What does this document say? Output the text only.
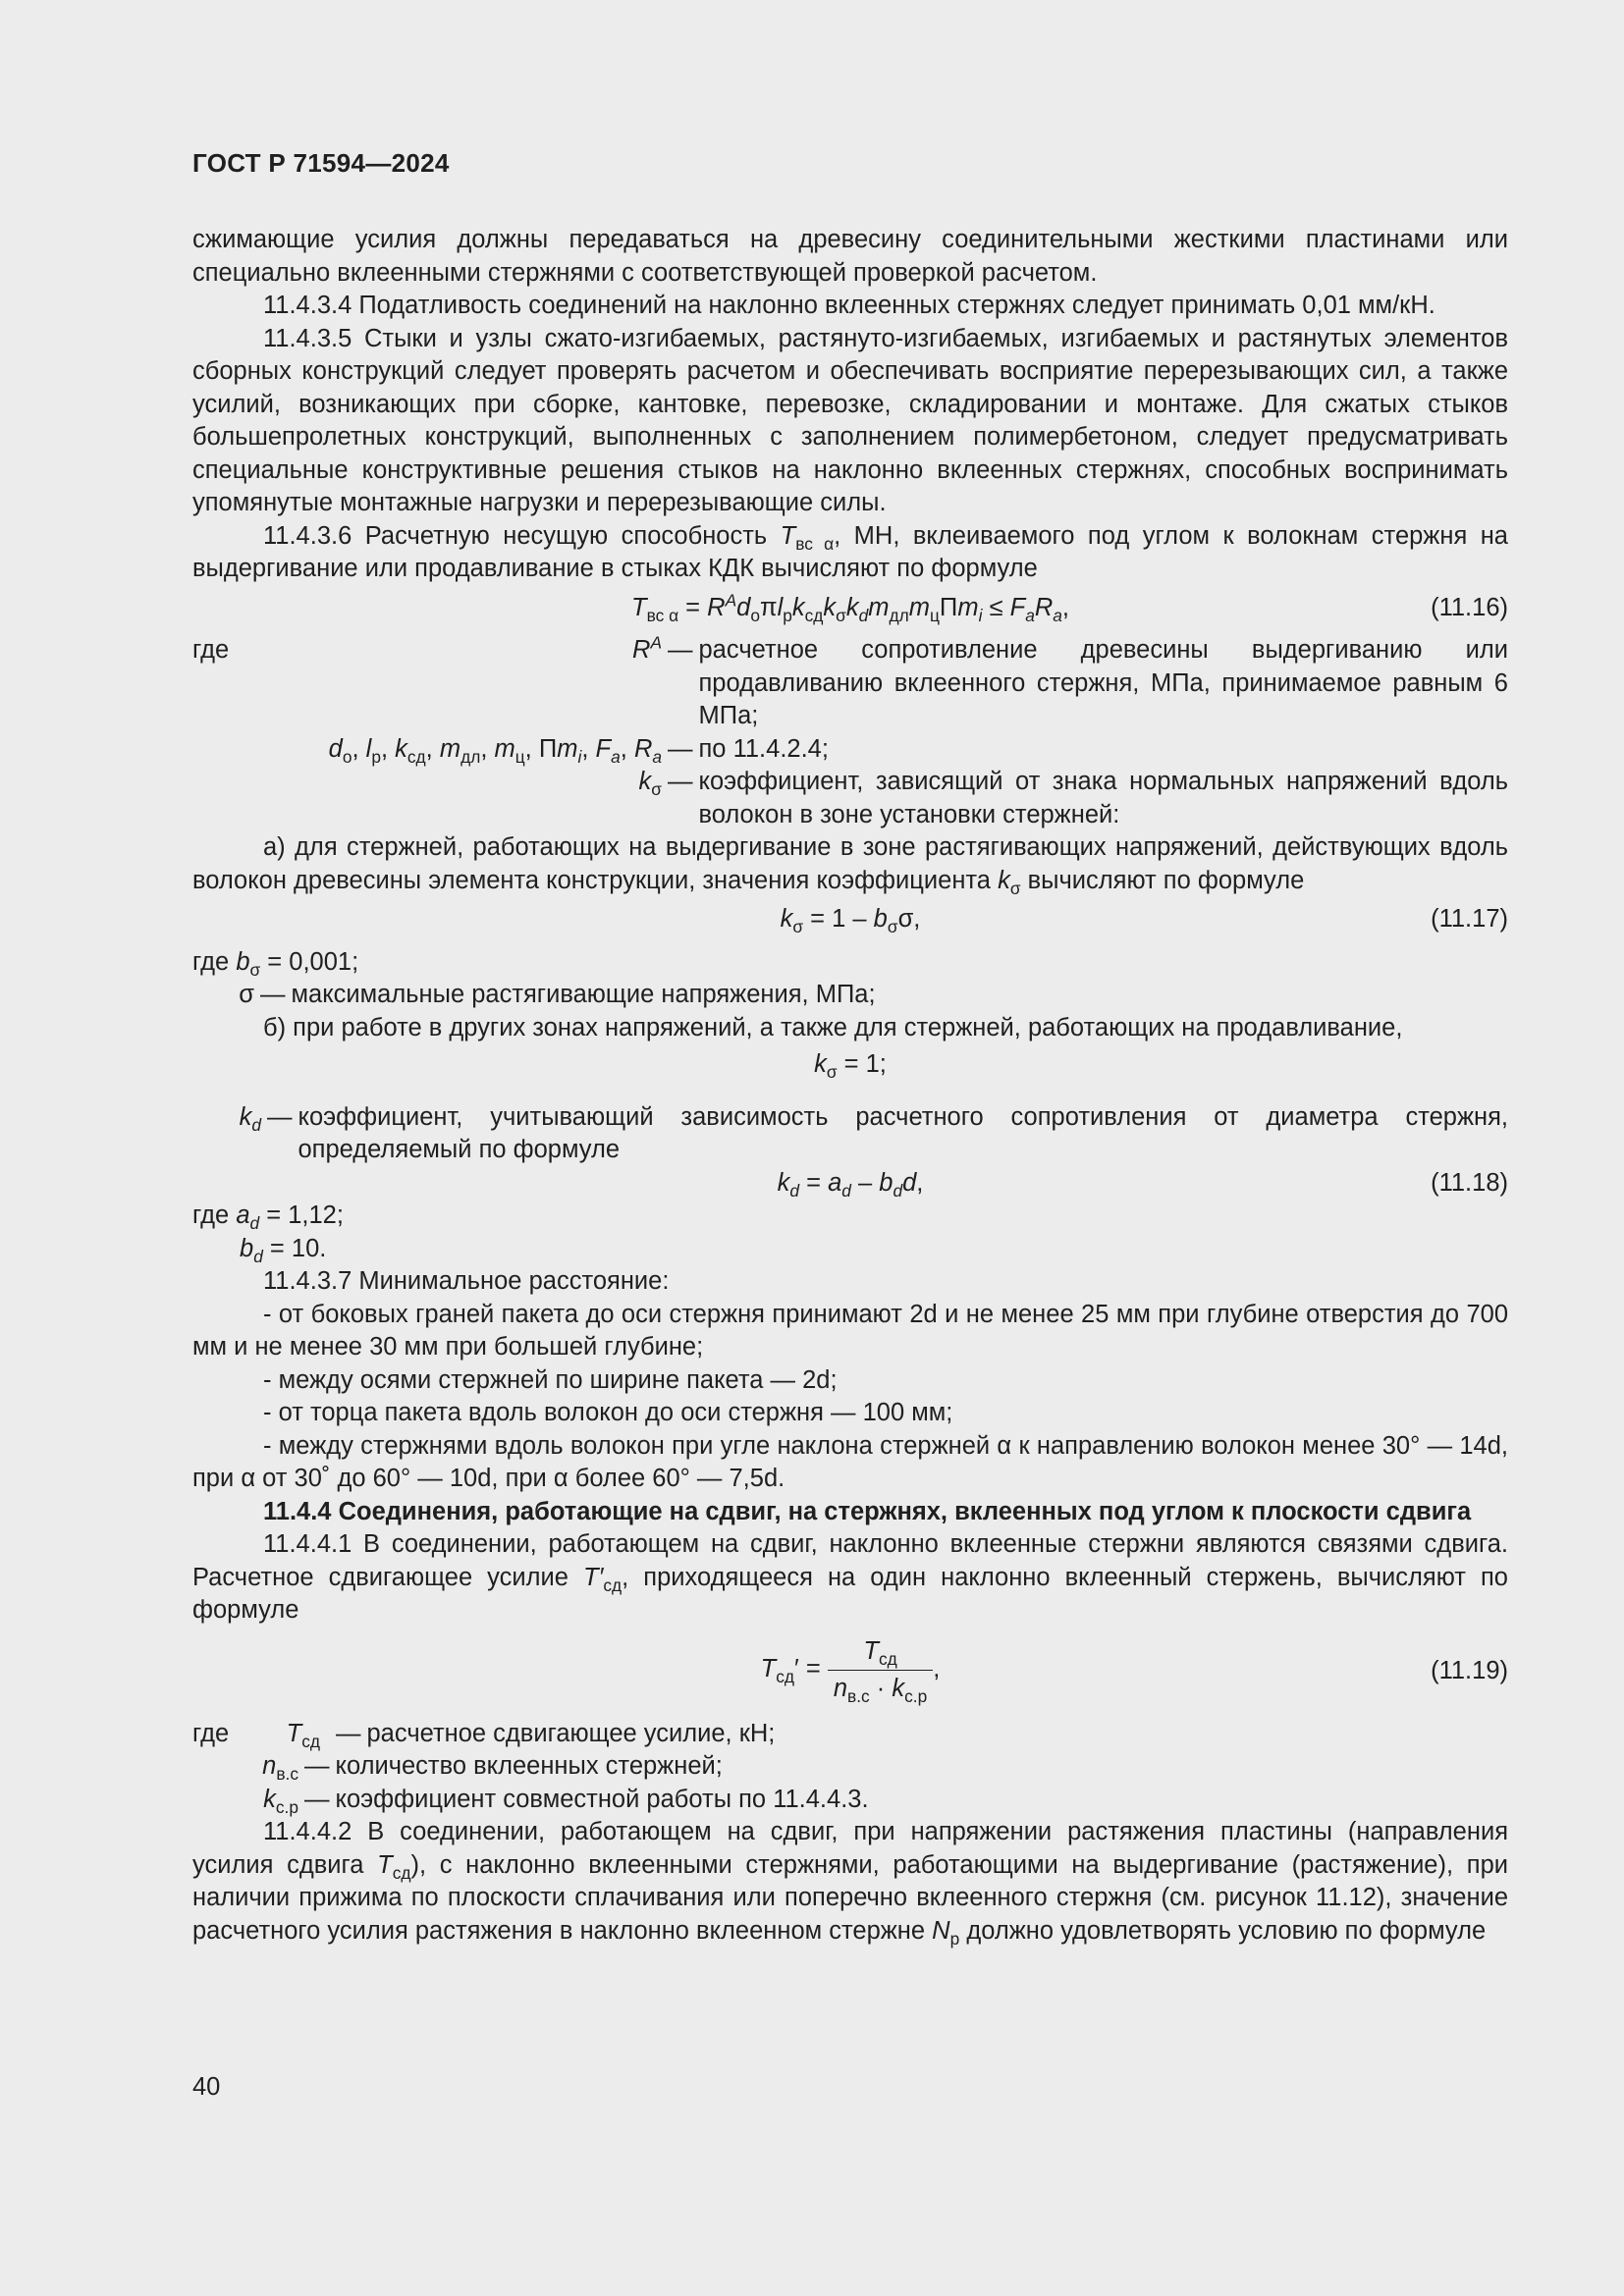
ГОСТ Р 71594—2024

сжимающие усилия должны передаваться на древесину соединительными жесткими пластинами или специально вклеенными стержнями с соответствующей проверкой расчетом.

11.4.3.4 Податливость соединений на наклонно вклеенных стержнях следует принимать 0,01 мм/кН.

11.4.3.5 Стыки и узлы сжато-изгибаемых, растянуто-изгибаемых, изгибаемых и растянутых элементов сборных конструкций следует проверять расчетом и обеспечивать восприятие перерезывающих сил, а также усилий, возникающих при сборке, кантовке, перевозке, складировании и монтаже. Для сжатых стыков большепролетных конструкций, выполненных с заполнением полимербетоном, следует предусматривать специальные конструктивные решения стыков на наклонно вклеенных стержнях, способных воспринимать упомянутые монтажные нагрузки и перерезывающие силы.

11.4.3.6 Расчетную несущую способность $T_{вс \alpha}$, МН, вклеиваемого под углом к волокнам стержня на выдергивание или продавливание в стыках КДК вычисляют по формуле

$T_{вс \alpha} = R^Ad_о\pi l_рk_{сд}k_\sigma k_dm_{дл}m_ц\Pi m_i \le F_aR_a$,	(11.16)
где	$R^A$ — расчетное сопротивление древесины выдергиванию или продавливанию вклеенного стержня, МПа, принимаемое равным 6 МПа;
$d_о$, $l_р$, $k_{сд}$, $m_{дл}$, $m_ц$, $\Pi m_i$, $F_a$, $R_a$ — по 11.4.2.4;
$k_\sigma$ — коэффициент, зависящий от знака нормальных напряжений вдоль волокон в зоне установки стержней:

а) для стержней, работающих на выдергивание в зоне растягивающих напряжений, действующих вдоль волокон древесины элемента конструкции, значения коэффициента $k_\sigma$ вычисляют по формуле

$k_\sigma = 1 - b_\sigma\sigma$,	(11.17)

где $b_\sigma = 0,001$;

σ — максимальные растягивающие напряжения, МПа;

б) при работе в других зонах напряжений, а также для стержней, работающих на продавливание,

$k_\sigma = 1$;
$k_d$ — коэффициент, учитывающий зависимость расчетного сопротивления от диаметра стержня, определяемый по формуле
$k_d = a_d - b_dd$,	(11.18)

где $a_d = 1,12$;

$b_d = 10$.

11.4.3.7 Минимальное расстояние:

- от боковых граней пакета до оси стержня принимают 2d и не менее 25 мм при глубине отверстия до 700 мм и не менее 30 мм при большей глубине;

- между осями стержней по ширине пакета — 2d;

- от торца пакета вдоль волокон до оси стержня — 100 мм;

- между стержнями вдоль волокон при угле наклона стержней α к направлению волокон менее 30° — 14d, при α от 30˚ до 60° — 10d, при α более 60° — 7,5d.

11.4.4 Соединения, работающие на сдвиг, на стержнях, вклеенных под углом к плоскости сдвига

11.4.4.1 В соединении, работающем на сдвиг, наклонно вклеенные стержни являются связями сдвига. Расчетное сдвигающее усилие $T'_{сд}$, приходящееся на один наклонно вклеенный стержень, вычисляют по формуле

$T_{сд}' = \frac{T_{сд}}{n_{в.с} \cdot k_{с.р}}$ ,	(11.19)
где $T_{сд}$ — расчетное сдвигающее усилие, кН;
$n_{в.с}$ — количество вклеенных стержней;
$k_{с.р}$ — коэффициент совместной работы по 11.4.4.3.

11.4.4.2 В соединении, работающем на сдвиг, при напряжении растяжения пластины (направления усилия сдвига $T_{сд}$), с наклонно вклеенными стержнями, работающими на выдергивание (растяжение), при наличии прижима по плоскости сплачивания или поперечно вклеенного стержня (см. рисунок 11.12), значение расчетного усилия растяжения в наклонно вклеенном стержне $N_р$ должно удовлетворять условию по формуле

40
